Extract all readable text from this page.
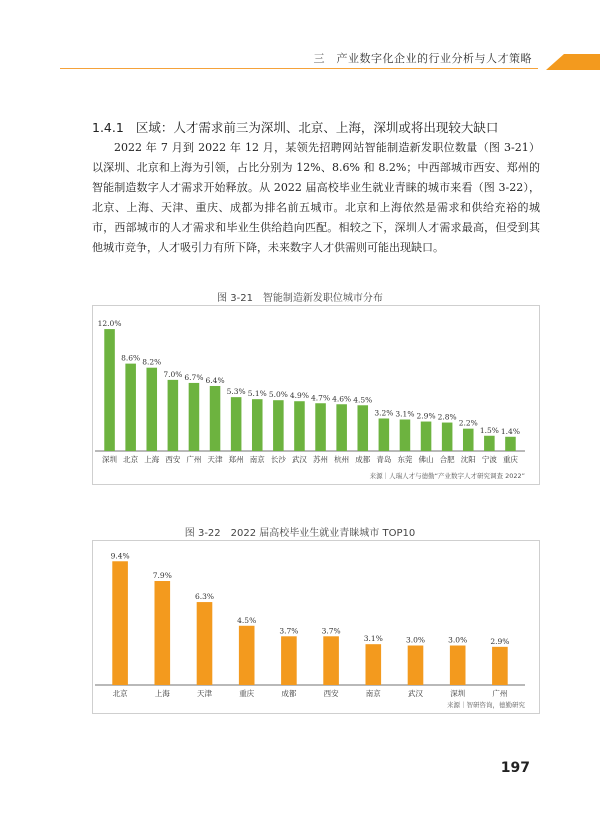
三　产业数字化企业的行业分析与人才策略
1.4.1 区域：人才需求前三为深圳、北京、上海，深圳或将出现较大缺口

2022 年 7 月到 2022 年 12 月，某领先招聘网站智能制造新发职位数量（图 3-21）以深圳、北京和上海为引领，占比分别为 12%、8.6% 和 8.2%；中西部城市西安、郑州的智能制造数字人才需求开始释放。从 2022 届高校毕业生就业青睐的城市来看（图 3-22），北京、上海、天津、重庆、成都为排名前五城市。北京和上海依然是需求和供给充裕的城市，西部城市的人才需求和毕业生供给趋向匹配。相较之下，深圳人才需求最高，但受到其他城市竞争，人才吸引力有所下降，未来数字人才供需则可能出现缺口。

图 3-21　智能制造新发职位城市分布
12.0%
深圳
8.6%
北京
8.2%
上海
7.0%
西安
6.7%
广州
6.4%
天津
5.3%
郑州
5.1%
南京
5.0%
长沙
4.9%
武汉
4.7%
苏州
4.6%
杭州
4.5%
成都
3.2%
青岛
3.1%
东莞
2.9%
佛山
2.8%
合肥
2.2%
沈阳
1.5%
宁波
1.4%
重庆
来源｜人瑞人才与德勤“产业数字人才研究调查 2022”
图 3-22　2022 届高校毕业生就业青睐城市 TOP10
9.4%
北京
7.9%
上海
6.3%
天津
4.5%
重庆
3.7%
成都
3.7%
西安
3.1%
南京
3.0%
武汉
3.0%
深圳
2.9%
广州
来源｜智研咨询，德勤研究
197
